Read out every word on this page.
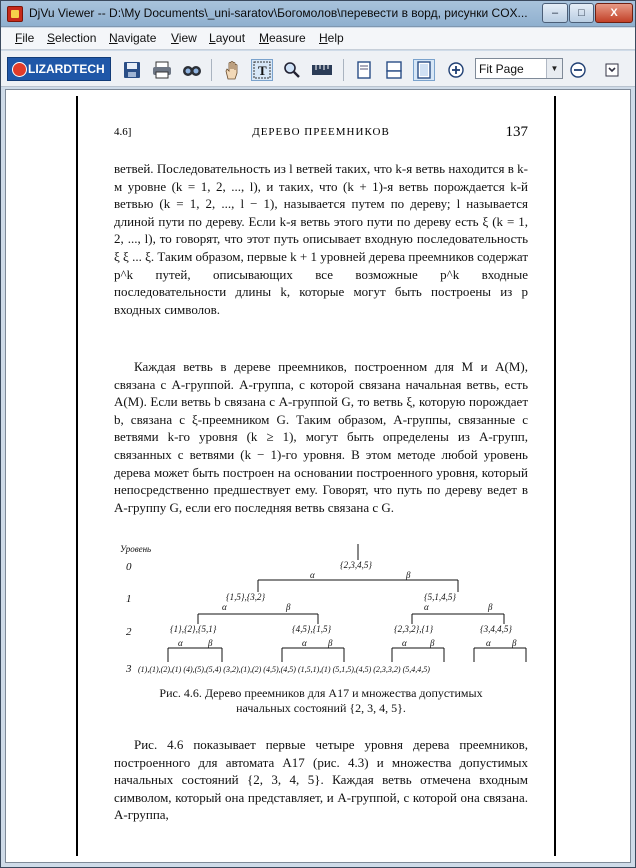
DjVu Viewer -- D:\My Documents\_uni-saratov\Богомолов\перевести в ворд, рисунки COX...	–	□	X
File Selection Navigate View Layout Measure Help
LIZARDTECH	T	Fit Page	▼
4.6]	ДЕРЕВО ПРЕЕМНИКОВ	137
ветвей. Последовательность из l ветвей таких, что k-я ветвь находится в k-м уровне (k = 1, 2, ..., l), и таких, что (k + 1)-я ветвь порождается k-й ветвью (k = 1, 2, ..., l − 1), называется путем по дереву; l называется длиной пути по дереву. Если k-я ветвь этого пути по дереву есть ξ (k = 1, 2, ..., l), то говорят, что этот путь описывает входную последовательность ξ ξ ... ξ. Таким образом, первые k + 1 уровней дерева преемников содержат p^k путей, описывающих все возможные p^k входные последовательности длины k, которые могут быть построены из p входных символов.
Каждая ветвь в дереве преемников, построенном для M и A(M), связана с A-группой. A-группа, с которой связана начальная ветвь, есть A(M). Если ветвь b связана с A-группой G, то ветвь ξ, которую порождает b, связана с ξ-преемником G. Таким образом, A-группы, связанные с ветвями k-го уровня (k ≥ 1), могут быть определены из A-групп, связанных с ветвями (k − 1)-го уровня. В этом методе любой уровень дерева может быть построен на основании построенного уровня, который непосредственно предшествует ему. Говорят, что путь по дереву ведет в A-группу G, если его последняя ветвь связана с G.
Уровень
0
1
2
3
{2,3,4,5}
{1,5},{3,2}	{5,1,4,5}
{1},{2},{5,1}	{4,5},{1,5}	{2,3,2},{1}	{3,4,4,5}
(1),(1),(2),(1) (4),(5),(5,4) (3,2),(1),(2) (4,5),(4,5) (1,5,1),(1) (5,1,5),(4,5) (2,3,3,2) (5,4,4,5)
α	β
α	β	α	β
α	β	α β	α	β	α β
Рис. 4.6. Дерево преемников для A17 и множества допустимых
начальных состояний {2, 3, 4, 5}.
Рис. 4.6 показывает первые четыре уровня дерева преемников, построенного для автомата A17 (рис. 4.3) и множества допустимых начальных состояний {2, 3, 4, 5}. Каждая ветвь отмечена входным символом, который она представляет, и A-группой, с которой она связана. A-группа,
